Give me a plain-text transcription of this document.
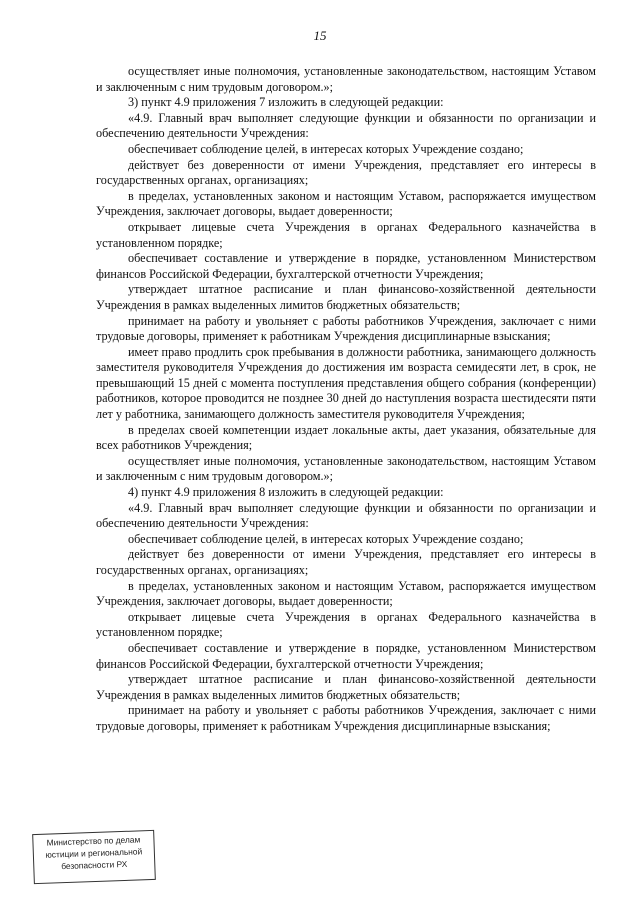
15

осуществляет иные полномочия, установленные законодательством, настоящим Уставом и заключенным с ним трудовым договором.»;

3) пункт 4.9 приложения 7 изложить в следующей редакции:

«4.9. Главный врач выполняет следующие функции и обязанности по организации и обеспечению деятельности Учреждения:

обеспечивает соблюдение целей, в интересах которых Учреждение создано;

действует без доверенности от имени Учреждения, представляет его интересы в государственных органах, организациях;

в пределах, установленных законом и настоящим Уставом, распоряжается имуществом Учреждения, заключает договоры, выдает доверенности;

открывает лицевые счета Учреждения в органах Федерального казначейства в установленном порядке;

обеспечивает составление и утверждение в порядке, установленном Министерством финансов Российской Федерации, бухгалтерской отчетности Учреждения;

утверждает штатное расписание и план финансово-хозяйственной деятельности Учреждения в рамках выделенных лимитов бюджетных обязательств;

принимает на работу и увольняет с работы работников Учреждения, заключает с ними трудовые договоры, применяет к работникам Учреждения дисциплинарные взыскания;

имеет право продлить срок пребывания в должности работника, занимающего должность заместителя руководителя Учреждения до достижения им возраста семидесяти лет, в срок, не превышающий 15 дней с момента поступления представления общего собрания (конференции) работников, которое проводится не позднее 30 дней до наступления возраста шестидесяти пяти лет у работника, занимающего должность заместителя руководителя Учреждения;

в пределах своей компетенции издает локальные акты, дает указания, обязательные для всех работников Учреждения;

осуществляет иные полномочия, установленные законодательством, настоящим Уставом и заключенным с ним трудовым договором.»;

4) пункт 4.9 приложения 8 изложить в следующей редакции:

«4.9. Главный врач выполняет следующие функции и обязанности по организации и обеспечению деятельности Учреждения:

обеспечивает соблюдение целей, в интересах которых Учреждение создано;

действует без доверенности от имени Учреждения, представляет его интересы в государственных органах, организациях;

в пределах, установленных законом и настоящим Уставом, распоряжается имуществом Учреждения, заключает договоры, выдает доверенности;

открывает лицевые счета Учреждения в органах Федерального казначейства в установленном порядке;

обеспечивает составление и утверждение в порядке, установленном Министерством финансов Российской Федерации, бухгалтерской отчетности Учреждения;

утверждает штатное расписание и план финансово-хозяйственной деятельности Учреждения в рамках выделенных лимитов бюджетных обязательств;

принимает на работу и увольняет с работы работников Учреждения, заключает с ними трудовые договоры, применяет к работникам Учреждения дисциплинарные взыскания;

Министерство по делам
юстиции и региональной
безопасности РХ
